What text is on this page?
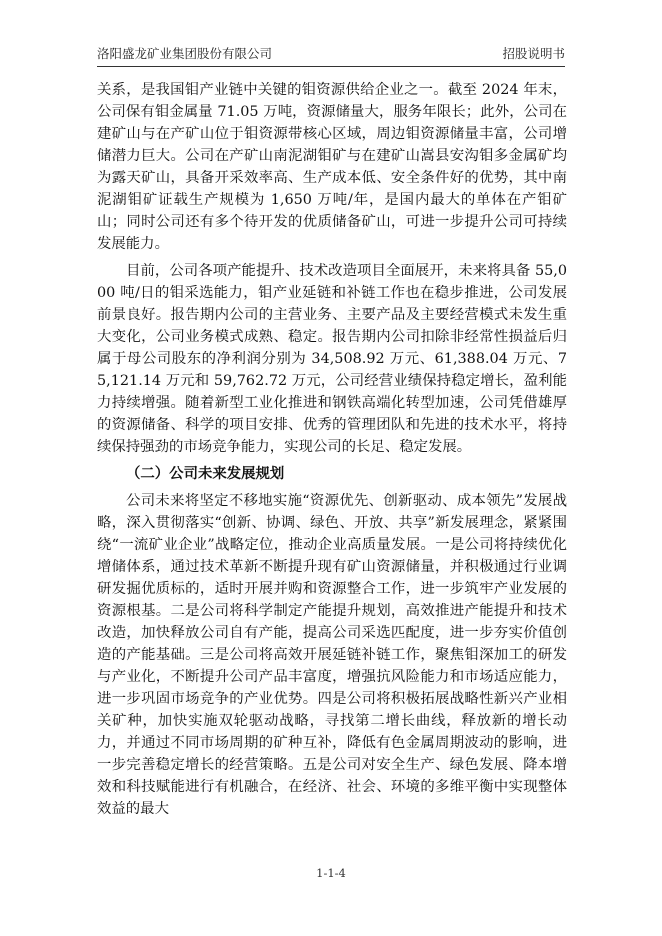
洛阳盛龙矿业集团股份有限公司	招股说明书

关系，是我国钼产业链中关键的钼资源供给企业之一。截至 2024 年末，公司保有钼金属量 71.05 万吨，资源储量大，服务年限长；此外，公司在建矿山与在产矿山位于钼资源带核心区域，周边钼资源储量丰富，公司增储潜力巨大。公司在产矿山南泥湖钼矿与在建矿山嵩县安沟钼多金属矿均为露天矿山，具备开采效率高、生产成本低、安全条件好的优势，其中南泥湖钼矿证载生产规模为 1,650 万吨/年，是国内最大的单体在产钼矿山；同时公司还有多个待开发的优质储备矿山，可进一步提升公司可持续发展能力。

目前，公司各项产能提升、技术改造项目全面展开，未来将具备 55,000 吨/日的钼采选能力，钼产业延链和补链工作也在稳步推进，公司发展前景良好。报告期内公司的主营业务、主要产品及主要经营模式未发生重大变化，公司业务模式成熟、稳定。报告期内公司扣除非经常性损益后归属于母公司股东的净利润分别为 34,508.92 万元、61,388.04 万元、75,121.14 万元和 59,762.72 万元，公司经营业绩保持稳定增长，盈利能力持续增强。随着新型工业化推进和钢铁高端化转型加速，公司凭借雄厚的资源储备、科学的项目安排、优秀的管理团队和先进的技术水平，将持续保持强劲的市场竞争能力，实现公司的长足、稳定发展。

（二）公司未来发展规划

公司未来将坚定不移地实施“资源优先、创新驱动、成本领先”发展战略，深入贯彻落实“创新、协调、绿色、开放、共享”新发展理念，紧紧围绕“一流矿业企业”战略定位，推动企业高质量发展。一是公司将持续优化增储体系，通过技术革新不断提升现有矿山资源储量，并积极通过行业调研发掘优质标的，适时开展并购和资源整合工作，进一步筑牢产业发展的资源根基。二是公司将科学制定产能提升规划，高效推进产能提升和技术改造，加快释放公司自有产能，提高公司采选匹配度，进一步夯实价值创造的产能基础。三是公司将高效开展延链补链工作，聚焦钼深加工的研发与产业化，不断提升公司产品丰富度，增强抗风险能力和市场适应能力，进一步巩固市场竞争的产业优势。四是公司将积极拓展战略性新兴产业相关矿种，加快实施双轮驱动战略，寻找第二增长曲线，释放新的增长动力，并通过不同市场周期的矿种互补，降低有色金属周期波动的影响，进一步完善稳定增长的经营策略。五是公司对安全生产、绿色发展、降本增效和科技赋能进行有机融合，在经济、社会、环境的多维平衡中实现整体效益的最大

1-1-4
